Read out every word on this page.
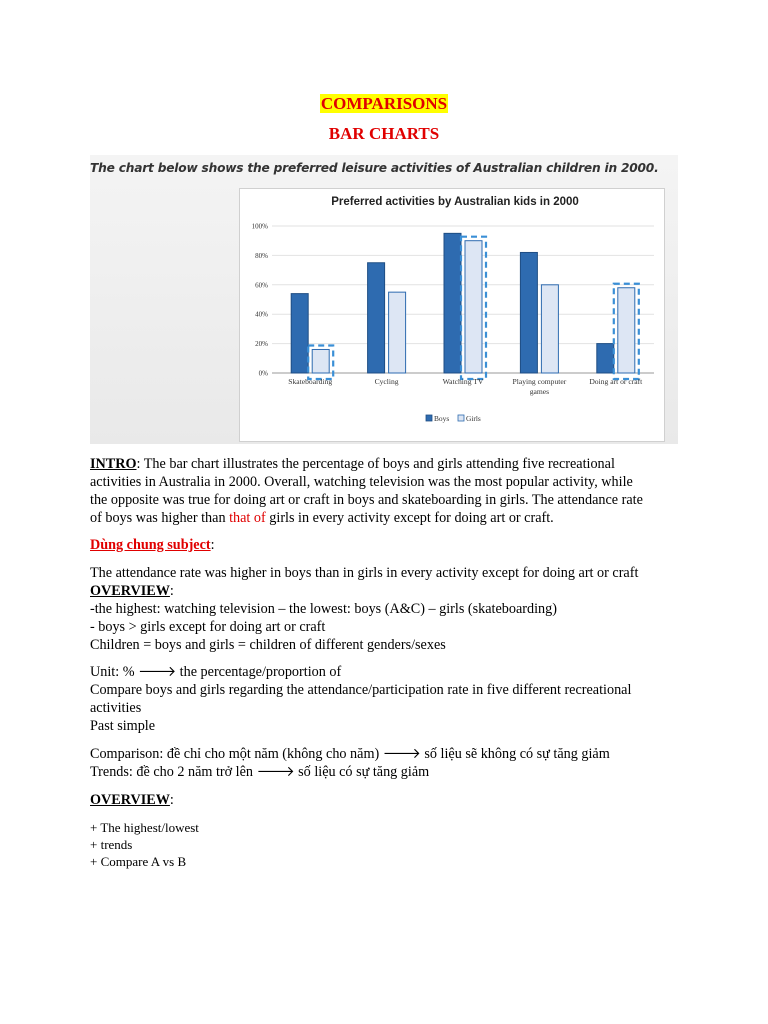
COMPARISONS
BAR CHARTS
The chart below shows the preferred leisure activities of Australian children in 2000.
Preferred activities by Australian kids in 2000
0%
20%
40%
60%
80%
100%
Skateboarding	Cycling	Watching TV	Playing computer
games
Doing art or craft
Boys Girls
INTRO: The bar chart illustrates the percentage of boys and girls attending five recreational
activities in Australia in 2000. Overall, watching television was the most popular activity, while
the opposite was true for doing art or craft in boys and skateboarding in girls. The attendance rate
of boys was higher than that of girls in every activity except for doing art or craft.
Dùng chung subject:
The attendance rate was higher in boys than in girls in every activity except for doing art or craft
OVERVIEW:
-the highest: watching television – the lowest: boys (A&C) – girls (skateboarding)
- boys > girls except for doing art or craft
Children = boys and girls = children of different genders/sexes
Unit: % 🡒 the percentage/proportion of
Compare boys and girls regarding the attendance/participation rate in five different recreational
activities
Past simple
Comparison: đề chỉ cho một năm (không cho năm) 🡒 số liệu sẽ không có sự tăng giảm
Trends: đề cho 2 năm trở lên 🡒 số liệu có sự tăng giảm
OVERVIEW:
+ The highest/lowest
+ trends
+ Compare A vs B
